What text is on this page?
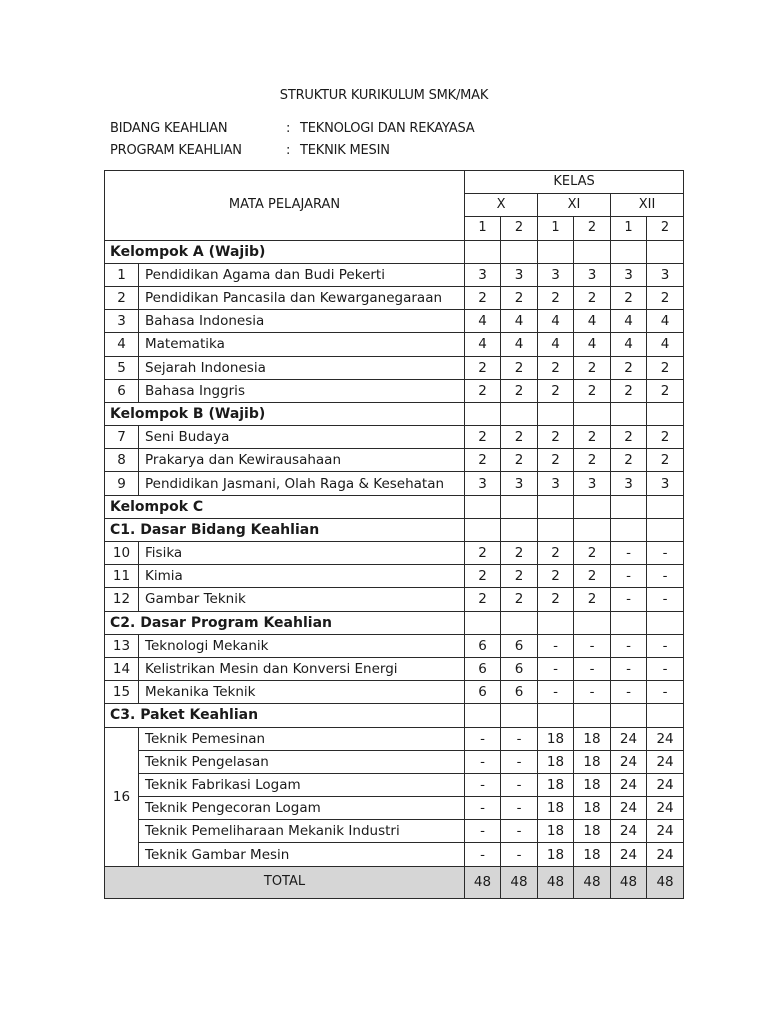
STRUKTUR KURIKULUM SMK/MAK
BIDANG KEAHLIAN	: TEKNOLOGI DAN REKAYASA
PROGRAM KEAHLIAN	: TEKNIK MESIN
MATA PELAJARAN		KELAS					
		X		XI		XII	
		1	2	1	2	1	2
Kelompok A (Wajib)							
1	Pendidikan Agama dan Budi Pekerti	3	3	3	3	3	3
2	Pendidikan Pancasila dan Kewarganegaraan	2	2	2	2	2	2
3	Bahasa Indonesia	4	4	4	4	4	4
4	Matematika	4	4	4	4	4	4
5	Sejarah Indonesia	2	2	2	2	2	2
6	Bahasa Inggris	2	2	2	2	2	2
Kelompok B (Wajib)							
7	Seni Budaya	2	2	2	2	2	2
8	Prakarya dan Kewirausahaan	2	2	2	2	2	2
9	Pendidikan Jasmani, Olah Raga & Kesehatan	3	3	3	3	3	3
Kelompok C							
C1. Dasar Bidang Keahlian							
10	Fisika	2	2	2	2	-	-
11	Kimia	2	2	2	2	-	-
12	Gambar Teknik	2	2	2	2	-	-
C2. Dasar Program Keahlian							
13	Teknologi Mekanik	6	6	-	-	-	-
14	Kelistrikan Mesin dan Konversi Energi	6	6	-	-	-	-
15	Mekanika Teknik	6	6	-	-	-	-
C3. Paket Keahlian							
16	Teknik Pemesinan	-	-	18	18	24	24
	Teknik Pengelasan	-	-	18	18	24	24
	Teknik Fabrikasi Logam	-	-	18	18	24	24
	Teknik Pengecoran Logam	-	-	18	18	24	24
	Teknik Pemeliharaan Mekanik Industri	-	-	18	18	24	24
	Teknik Gambar Mesin	-	-	18	18	24	24
TOTAL		48	48	48	48	48	48
